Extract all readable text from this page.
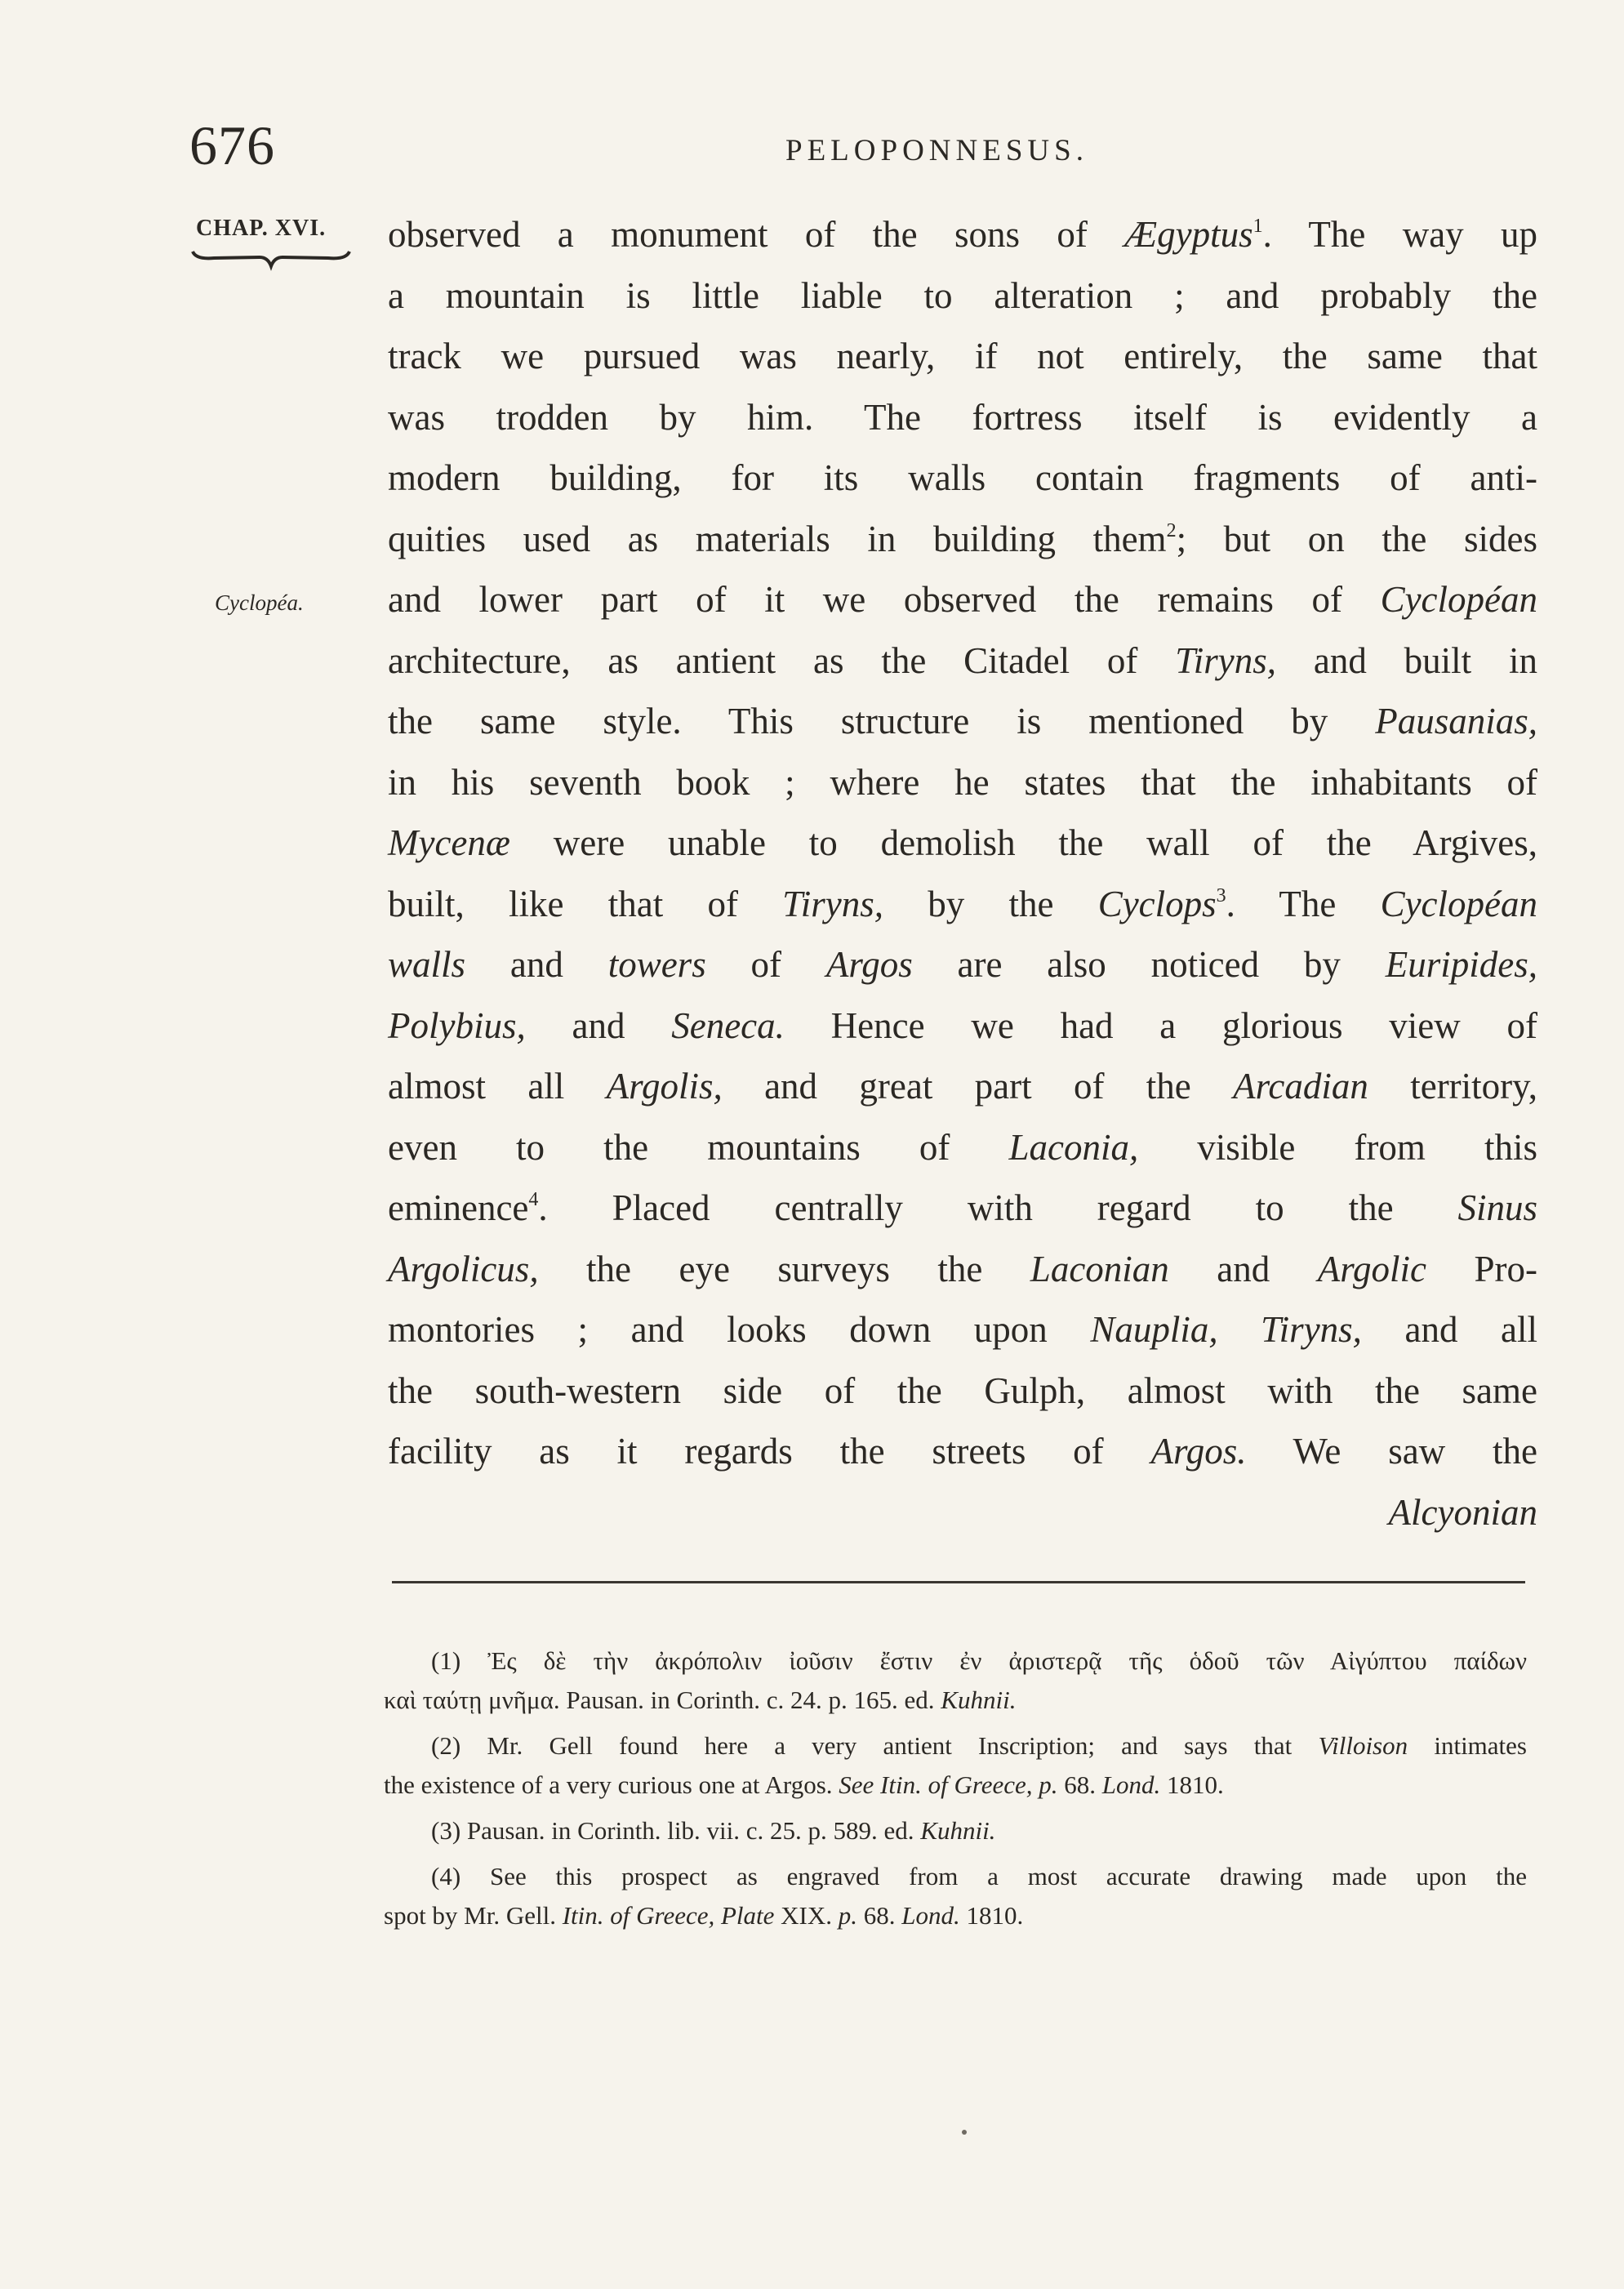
676	PELOPONNESUS.
CHAP. XVI.
Cyclopéa.
observed a monument of the sons of Ægyptus$^1$. The way up
a mountain is little liable to alteration ; and probably the
track we pursued was nearly, if not entirely, the same that
was trodden by him. The fortress itself is evidently a
modern building, for its walls contain fragments of anti-
quities used as materials in building them$^2$; but on the sides
and lower part of it we observed the remains of Cyclopéan
architecture, as antient as the Citadel of Tiryns, and built in
the same style. This structure is mentioned by Pausanias,
in his seventh book ; where he states that the inhabitants of
Mycenæ were unable to demolish the wall of the Argives,
built, like that of Tiryns, by the Cyclops$^3$. The Cyclopéan
walls and towers of Argos are also noticed by Euripides,
Polybius, and Seneca. Hence we had a glorious view of
almost all Argolis, and great part of the Arcadian territory,
even to the mountains of Laconia, visible from this
eminence$^4$. Placed centrally with regard to the Sinus
Argolicus, the eye surveys the Laconian and Argolic Pro-
montories ; and looks down upon Nauplia, Tiryns, and all
the south-western side of the Gulph, almost with the same
facility as it regards the streets of Argos. We saw the
Alcyonian
(1) Ἐς δὲ τὴν ἀκρόπολιν ἰοῦσιν ἔστιν ἐν ἀριστερᾷ τῆς ὁδοῦ τῶν Αἰγύπτου παίδων
καὶ ταύτῃ μνῆμα. Pausan. in Corinth. c. 24. p. 165. ed. Kuhnii.
(2) Mr. Gell found here a very antient Inscription; and says that Villoison intimates
the existence of a very curious one at Argos. See Itin. of Greece, p. 68. Lond. 1810.
(3) Pausan. in Corinth. lib. vii. c. 25. p. 589. ed. Kuhnii.
(4) See this prospect as engraved from a most accurate drawing made upon the
spot by Mr. Gell. Itin. of Greece, Plate XIX. p. 68. Lond. 1810.
